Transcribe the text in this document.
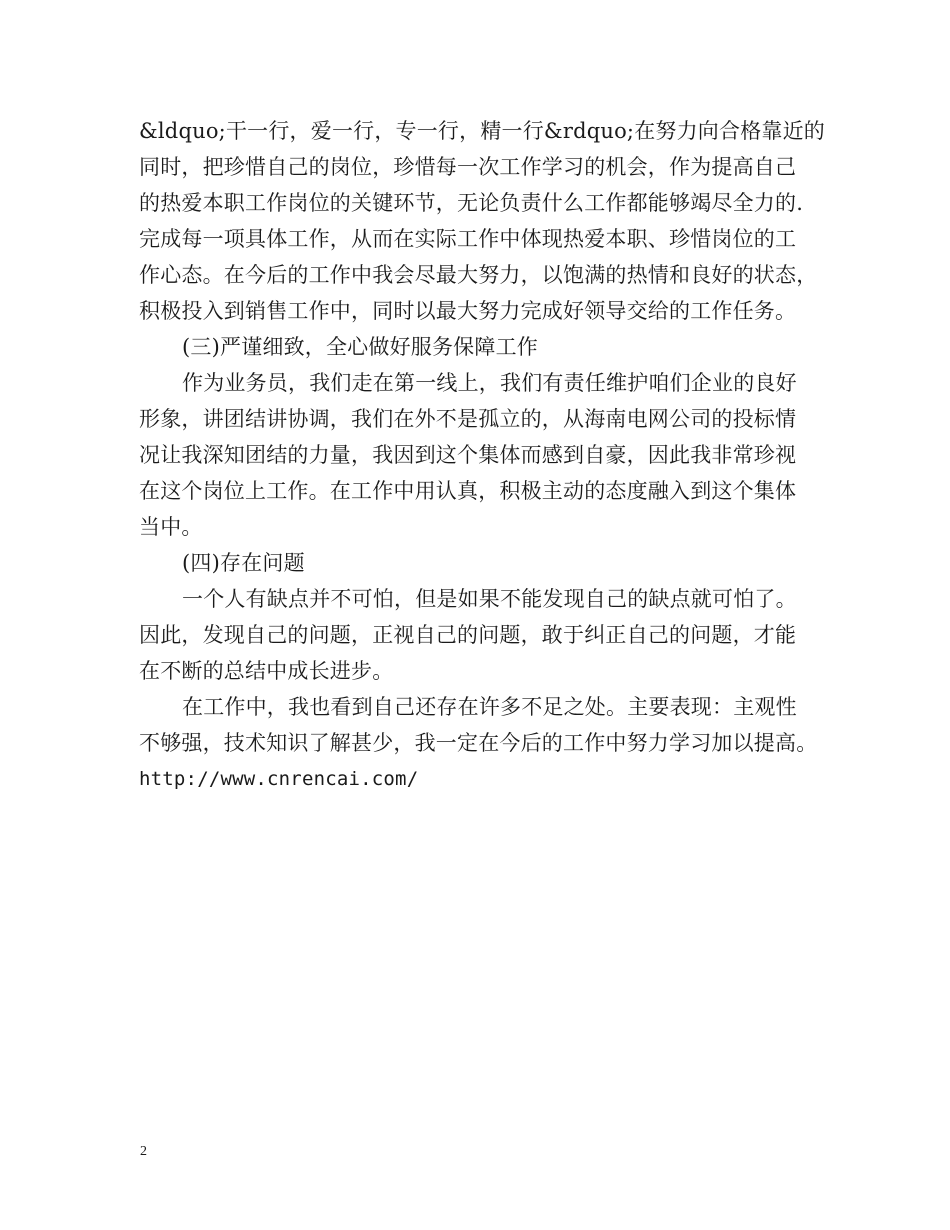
&ldquo;干一行，爱一行，专一行，精一行&rdquo;在努力向合格靠近的
同时，把珍惜自己的岗位，珍惜每一次工作学习的机会，作为提高自己
的热爱本职工作岗位的关键环节，无论负责什么工作都能够竭尽全力的.
完成每一项具体工作，从而在实际工作中体现热爱本职、珍惜岗位的工
作心态。在今后的工作中我会尽最大努力，以饱满的热情和良好的状态，
积极投入到销售工作中，同时以最大努力完成好领导交给的工作任务。
(三)严谨细致，全心做好服务保障工作
作为业务员，我们走在第一线上，我们有责任维护咱们企业的良好
形象，讲团结讲协调，我们在外不是孤立的，从海南电网公司的投标情
况让我深知团结的力量，我因到这个集体而感到自豪，因此我非常珍视
在这个岗位上工作。在工作中用认真，积极主动的态度融入到这个集体
当中。
(四)存在问题
一个人有缺点并不可怕，但是如果不能发现自己的缺点就可怕了。
因此，发现自己的问题，正视自己的问题，敢于纠正自己的问题，才能
在不断的总结中成长进步。
在工作中，我也看到自己还存在许多不足之处。主要表现：主观性
不够强，技术知识了解甚少，我一定在今后的工作中努力学习加以提高。
http://www.cnrencai.com/
2
